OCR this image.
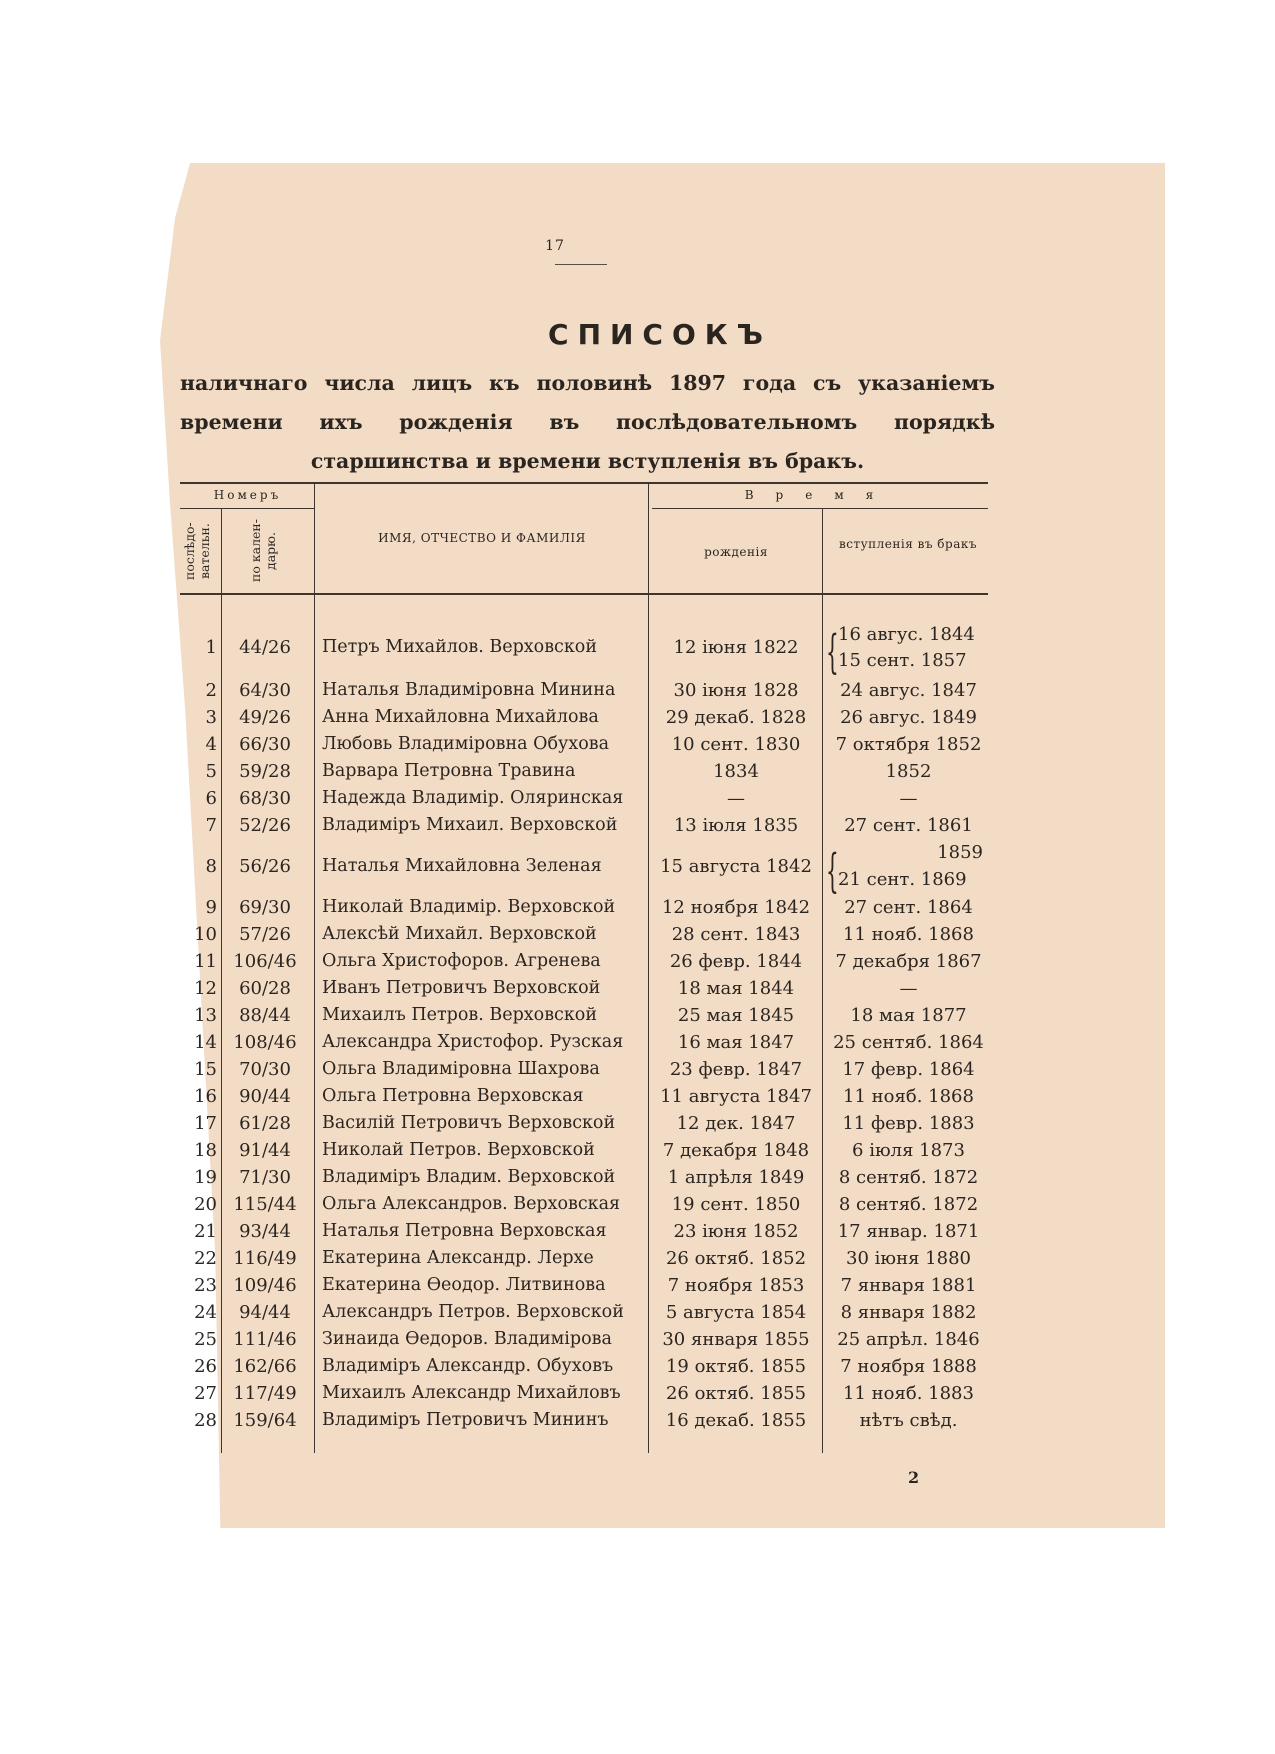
17
СПИСОКЪ
наличнаго числа лицъ къ половинѣ 1897 года съ указаніемъ времени ихъ рожденія въ послѣдовательномъ порядкѣ старшинства и времени вступленія въ бракъ.
Номеръ
послѣдо-вательн.	по кален-дарю.	ИМЯ, ОТЧЕСТВО И ФАМИЛІЯ
Время
рожденія
вступленія въ бракъ
1	44/26	Петръ Михайлов. Верховской	12 іюня 1822	{ 16 авгус. 1844
15 сент. 1857
2	64/30	Наталья Владиміровна Минина	30 іюня 1828	24 авгус. 1847
3	49/26	Анна Михайловна Михайлова	29 декаб. 1828	26 авгус. 1849
4	66/30	Любовь Владиміровна Обухова	10 сент. 1830	7 октября 1852
5	59/28	Варвара Петровна Травина	1834	1852
6	68/30	Надежда Владимір. Оляринская	—	—
7	52/26	Владиміръ Михаил. Верховской	13 іюля 1835	27 сент. 1861
8	56/26	Наталья Михайловна Зеленая	15 августа 1842 {	1859
21 сент. 1869
9	69/30	Николай Владимір. Верховской	12 ноября 1842	27 сент. 1864
10	57/26	Алексѣй Михайл. Верховской	28 сент. 1843	11 нояб. 1868
11 106/46	Ольга Христофоров. Агренева	26 февр. 1844	7 декабря 1867
12	60/28	Иванъ Петровичъ Верховской	18 мая 1844	—
13	88/44	Михаилъ Петров. Верховской	25 мая 1845	18 мая 1877
14 108/46	Александра Христофор. Рузская	16 мая 1847	25 сентяб. 1864
15	70/30	Ольга Владиміровна Шахрова	23 февр. 1847	17 февр. 1864
16	90/44	Ольга Петровна Верховская	11 августа 1847	11 нояб. 1868
17	61/28	Василій Петровичъ Верховской	12 дек. 1847	11 февр. 1883
18	91/44	Николай Петров. Верховской	7 декабря 1848	6 іюля 1873
19	71/30	Владиміръ Владим. Верховской	1 апрѣля 1849	8 сентяб. 1872
20 115/44	Ольга Александров. Верховская	19 сент. 1850	8 сентяб. 1872
21	93/44	Наталья Петровна Верховская	23 іюня 1852	17 январ. 1871
22 116/49	Екатерина Александр. Лерхе	26 октяб. 1852	30 іюня 1880
23 109/46	Екатерина Ѳеодор. Литвинова	7 ноября 1853	7 января 1881
24	94/44	Александръ Петров. Верховской	5 августа 1854	8 января 1882
25 111/46	Зинаида Ѳедоров. Владимірова	30 января 1855	25 апрѣл. 1846
26 162/66	Владиміръ Александр. Обуховъ	19 октяб. 1855	7 ноября 1888
27 117/49	Михаилъ Александр Михайловъ	26 октяб. 1855	11 нояб. 1883
28 159/64	Владиміръ Петровичъ Мининъ	16 декаб. 1855	нѣтъ свѣд.
2
